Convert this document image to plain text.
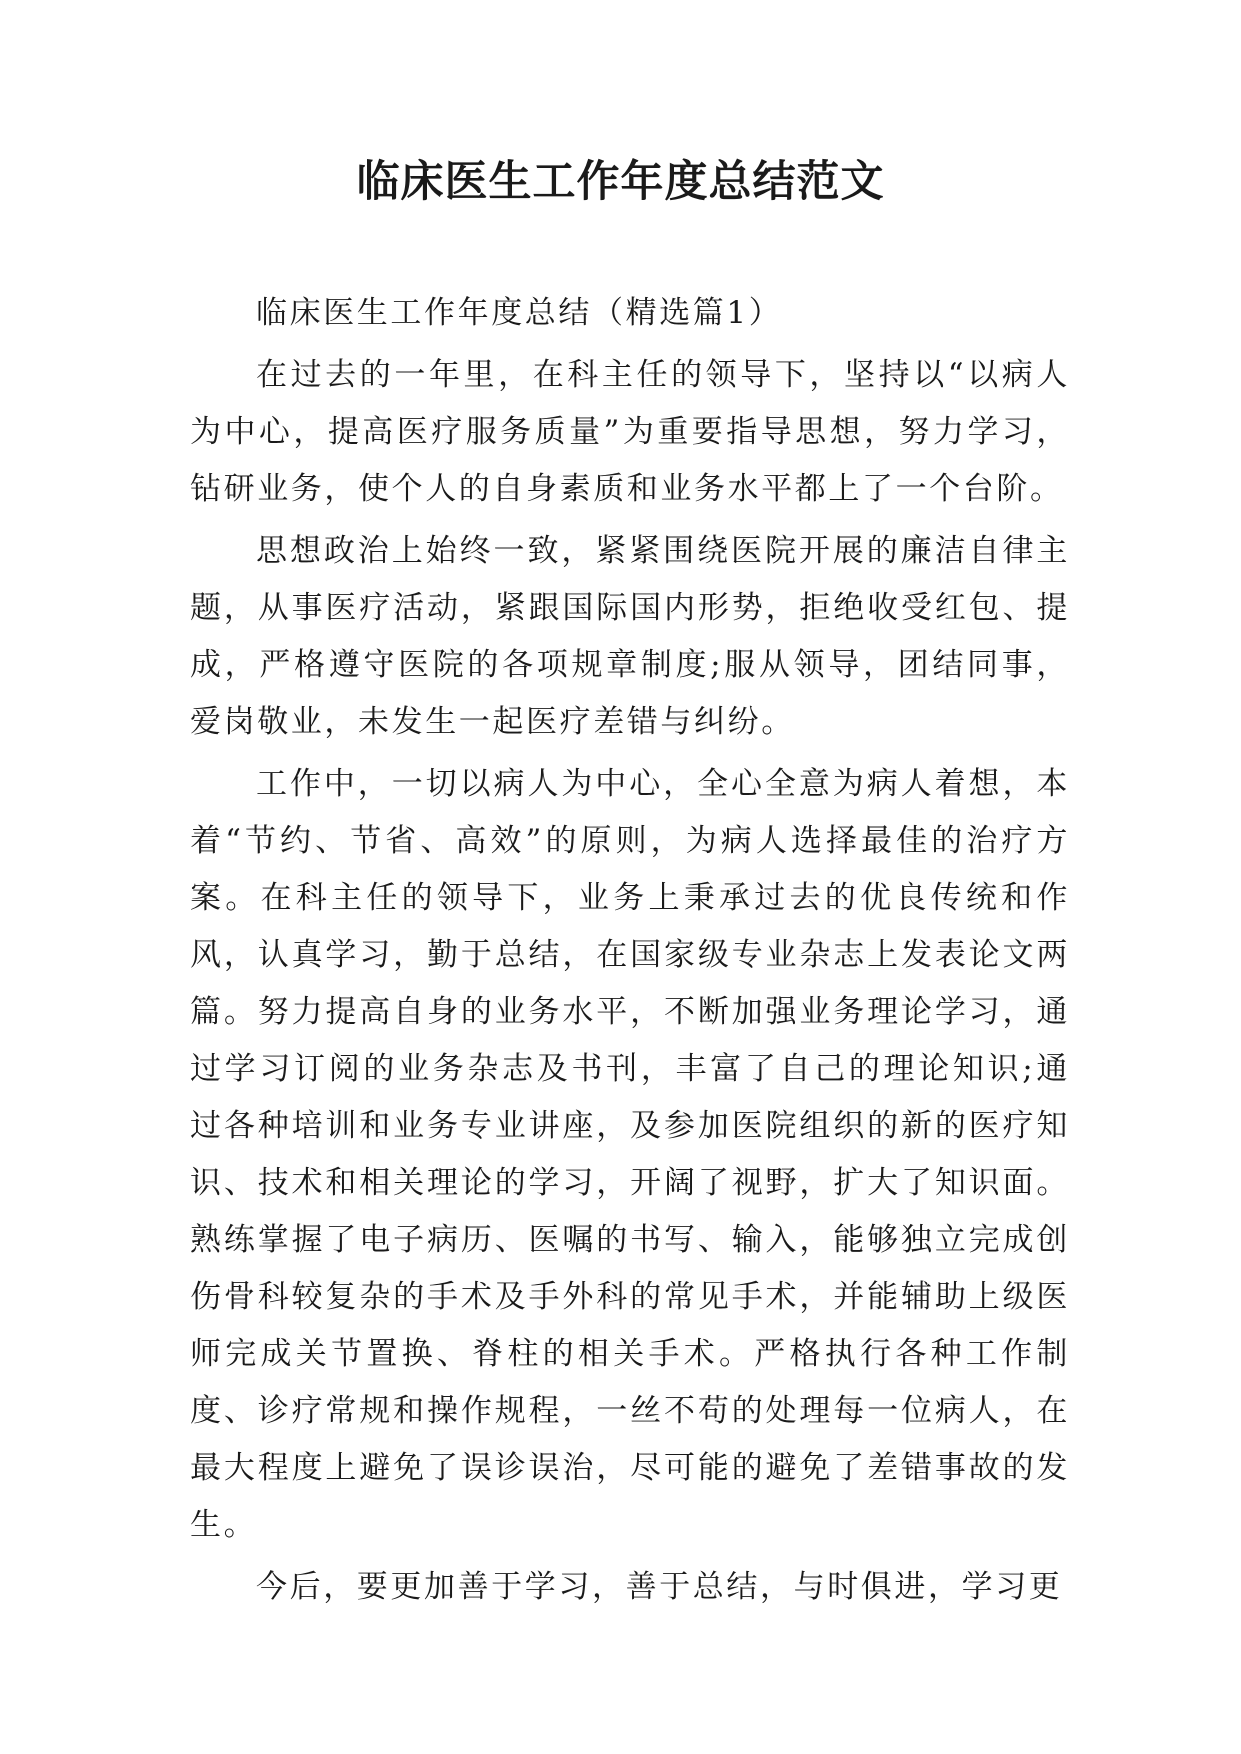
临床医生工作年度总结范文

临床医生工作年度总结（精选篇1）

在过去的一年里，在科主任的领导下，坚持以“以病人为中心，提高医疗服务质量”为重要指导思想，努力学习，钻研业务，使个人的自身素质和业务水平都上了一个台阶。

思想政治上始终一致，紧紧围绕医院开展的廉洁自律主题，从事医疗活动，紧跟国际国内形势，拒绝收受红包、提成，严格遵守医院的各项规章制度;服从领导，团结同事，爱岗敬业，未发生一起医疗差错与纠纷。

工作中，一切以病人为中心，全心全意为病人着想，本着“节约、节省、高效”的原则，为病人选择最佳的治疗方案。在科主任的领导下，业务上秉承过去的优良传统和作风，认真学习，勤于总结，在国家级专业杂志上发表论文两篇。努力提高自身的业务水平，不断加强业务理论学习，通过学习订阅的业务杂志及书刊，丰富了自己的理论知识;通过各种培训和业务专业讲座，及参加医院组织的新的医疗知识、技术和相关理论的学习，开阔了视野，扩大了知识面。熟练掌握了电子病历、医嘱的书写、输入，能够独立完成创伤骨科较复杂的手术及手外科的常见手术，并能辅助上级医师完成关节置换、脊柱的相关手术。严格执行各种工作制度、诊疗常规和操作规程，一丝不苟的处理每一位病人，在最大程度上避免了误诊误治，尽可能的避免了差错事故的发生。

今后，要更加善于学习，善于总结，与时俱进，学习更
